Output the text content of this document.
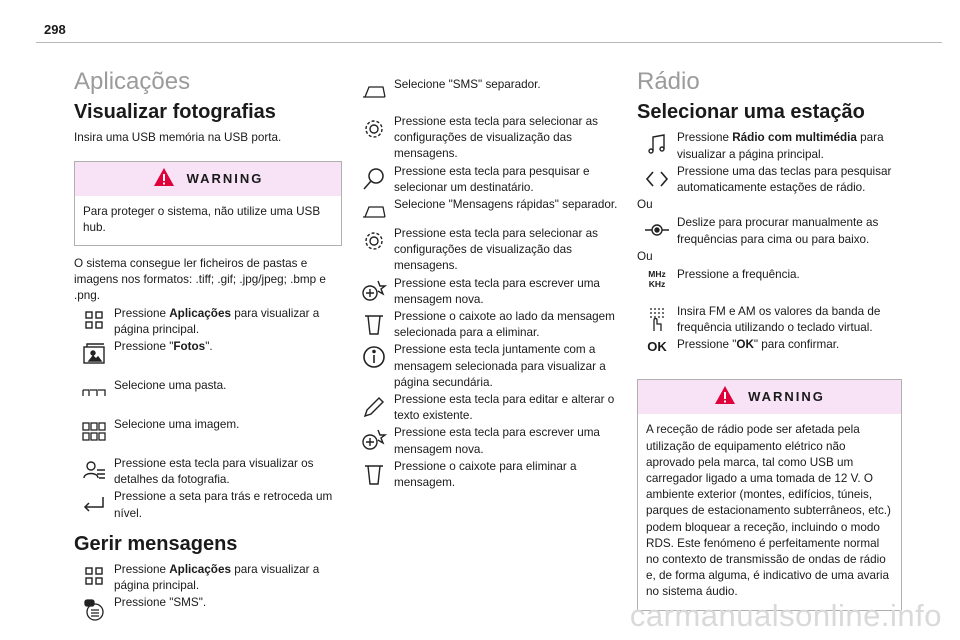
298
Aplicações
Visualizar fotografias

Insira uma USB memória na USB porta.

WARNING
Para proteger o sistema, não utilize uma USB hub.

O sistema consegue ler ficheiros de pastas e imagens nos formatos: .tiff; .gif; .jpg/jpeg; .bmp e .png.

Pressione Aplicações para visualizar a página principal.
Pressione "Fotos".
Selecione uma pasta.
Selecione uma imagem.
Pressione esta tecla para visualizar os detalhes da fotografia.
Pressione a seta para trás e retroceda um nível.
Gerir mensagens
Pressione Aplicações para visualizar a página principal.
Pressione "SMS".
Selecione "SMS" separador.
Pressione esta tecla para selecionar as configurações de visualização das mensagens.
Pressione esta tecla para pesquisar e selecionar um destinatário.
Selecione "Mensagens rápidas" separador.
Pressione esta tecla para selecionar as configurações de visualização das mensagens.
Pressione esta tecla para escrever uma mensagem nova.
Pressione o caixote ao lado da mensagem selecionada para a eliminar.
Pressione esta tecla juntamente com a mensagem selecionada para visualizar a página secundária.
Pressione esta tecla para editar e alterar o texto existente.
Pressione esta tecla para escrever uma mensagem nova.
Pressione o caixote para eliminar a mensagem.
Rádio
Selecionar uma estação
Pressione Rádio com multimédia para visualizar a página principal.
Pressione uma das teclas para pesquisar automaticamente estações de rádio.

Ou

Deslize para procurar manualmente as frequências para cima ou para baixo.

Ou

MHz
KHz
Pressione a frequência.
Insira FM e AM os valores da banda de frequência utilizando o teclado virtual.
OK Pressione "OK" para confirmar.
WARNING
A receção de rádio pode ser afetada pela utilização de equipamento elétrico não aprovado pela marca, tal como USB um carregador ligado a uma tomada de 12 V. O ambiente exterior (montes, edifícios, túneis, parques de estacionamento subterrâneos, etc.) podem bloquear a receção, incluindo o modo RDS. Este fenómeno é perfeitamente normal no contexto de transmissão de ondas de rádio e, de forma alguma, é indicativo de uma avaria no sistema áudio.
carmanualsonline.info
